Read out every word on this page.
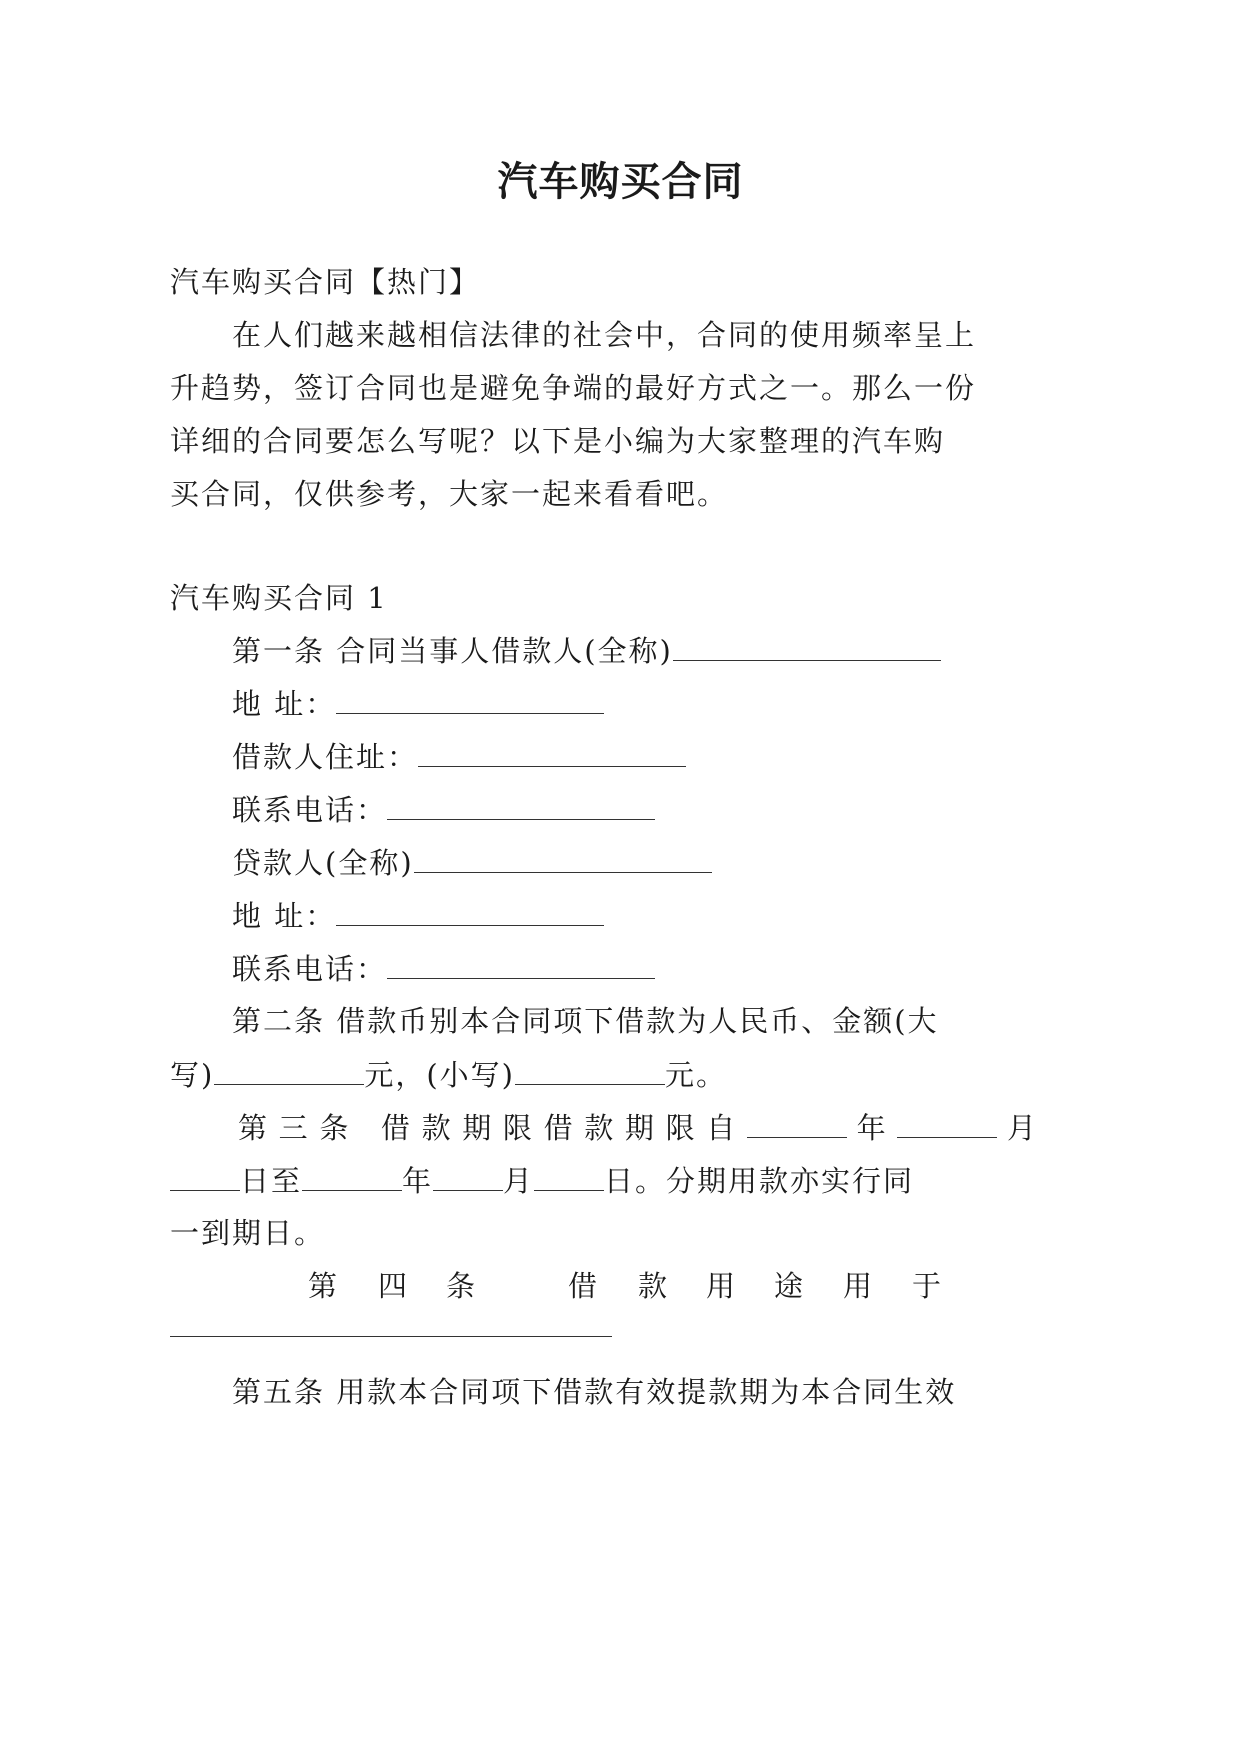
汽车购买合同
汽车购买合同【热门】
在人们越来越相信法律的社会中，合同的使用频率呈上
升趋势，签订合同也是避免争端的最好方式之一。那么一份
详细的合同要怎么写呢？以下是小编为大家整理的汽车购
买合同，仅供参考，大家一起来看看吧。
汽车购买合同 1
第一条 合同当事人借款人(全称)
地 址：
借款人住址：
联系电话：
贷款人(全称)
地 址：
联系电话：
第二条 借款币别本合同项下借款为人民币、金额(大
写)	元，(小写)	元。
第三条 借款期限借款期限自	年	月
日至	年 月 日。分期用款亦实行同
一到期日。
第 四 条	借 款 用 途 用 于
第五条 用款本合同项下借款有效提款期为本合同生效
